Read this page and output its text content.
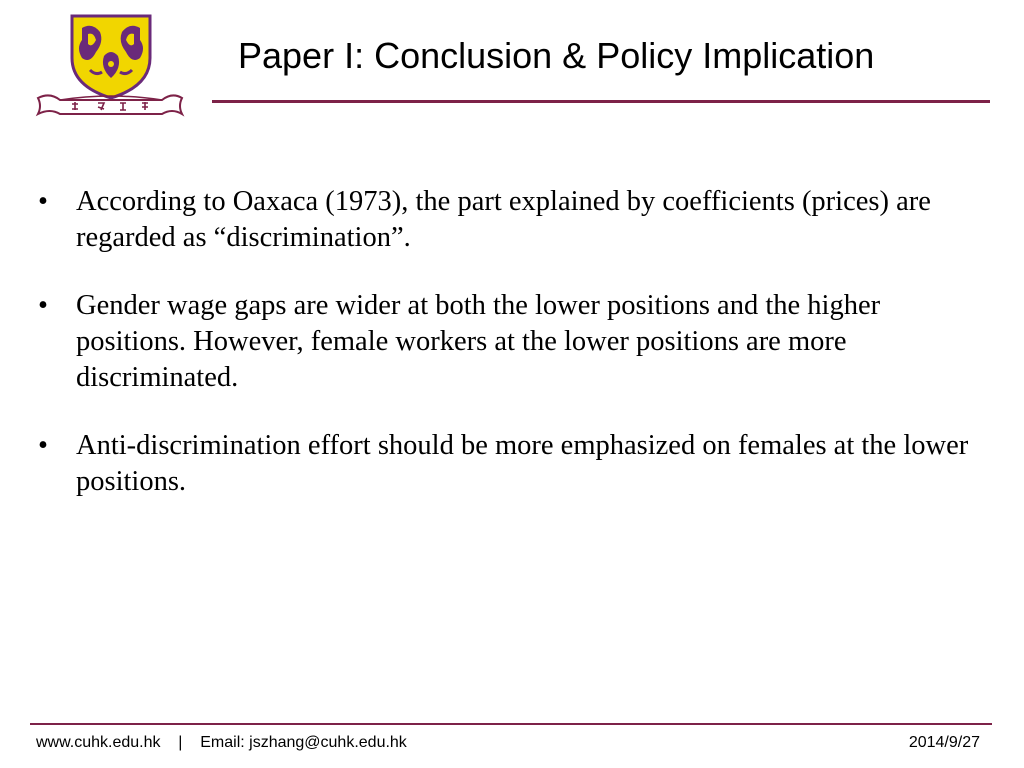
Paper I: Conclusion & Policy Implication
• According to Oaxaca (1973), the part explained by coefficients (prices) are regarded as “discrimination”.
• Gender wage gaps are wider at both the lower positions and the higher positions. However, female workers at the lower positions are more discriminated.
• Anti-discrimination effort should be more emphasized on females at the lower positions.
www.cuhk.edu.hk | Email: jszhang@cuhk.edu.hk	2014/9/27
